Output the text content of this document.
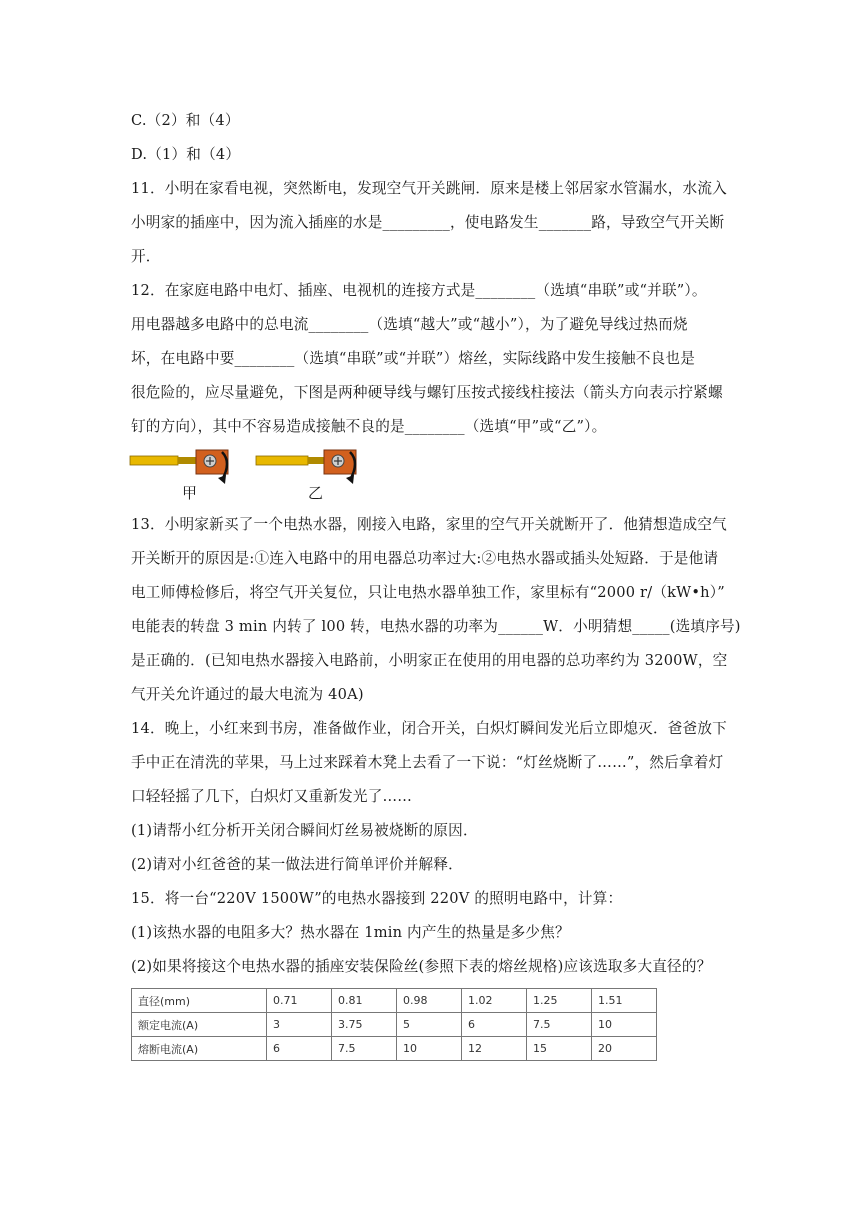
C.（2）和（4）
D.（1）和（4）
11．小明在家看电视，突然断电，发现空气开关跳闸．原来是楼上邻居家水管漏水，水流入
小明家的插座中，因为流入插座的水是_________，使电路发生_______路，导致空气开关断
开．
12．在家庭电路中电灯、插座、电视机的连接方式是________（选填“串联”或“并联”）。
用电器越多电路中的总电流________（选填“越大”或“越小”），为了避免导线过热而烧
坏，在电路中要________（选填“串联”或“并联”）熔丝，实际线路中发生接触不良也是
很危险的，应尽量避免，下图是两种硬导线与螺钉压按式接线柱接法（箭头方向表示拧紧螺
钉的方向），其中不容易造成接触不良的是________（选填“甲”或“乙”）。
甲	乙
13．小明家新买了一个电热水器，刚接入电路，家里的空气开关就断开了．他猜想造成空气
开关断开的原因是:①连入电路中的用电器总功率过大:②电热水器或插头处短路．于是他请
电工师傅检修后，将空气开关复位，只让电热水器单独工作，家里标有“2000 r/（kW•h）”
电能表的转盘 3 min 内转了 l00 转，电热水器的功率为______W．小明猜想_____(选填序号)
是正确的．(已知电热水器接入电路前，小明家正在使用的用电器的总功率约为 3200W，空
气开关允许通过的最大电流为 40A)
14．晚上，小红来到书房，准备做作业，闭合开关，白炽灯瞬间发光后立即熄灭．爸爸放下
手中正在清洗的苹果，马上过来踩着木凳上去看了一下说：“灯丝烧断了……”，然后拿着灯
口轻轻摇了几下，白炽灯又重新发光了……
(1)请帮小红分析开关闭合瞬间灯丝易被烧断的原因．
(2)请对小红爸爸的某一做法进行简单评价并解释．
15．将一台“220V 1500W”的电热水器接到 220V 的照明电路中，计算：
(1)该热水器的电阻多大？热水器在 1min 内产生的热量是多少焦？
(2)如果将接这个电热水器的插座安装保险丝(参照下表的熔丝规格)应该选取多大直径的？
直径(mm)	0.71	0.81	0.98	1.02	1.25	1.51
额定电流(A)	3	3.75	5	6	7.5	10
熔断电流(A)	6	7.5	10	12	15	20
